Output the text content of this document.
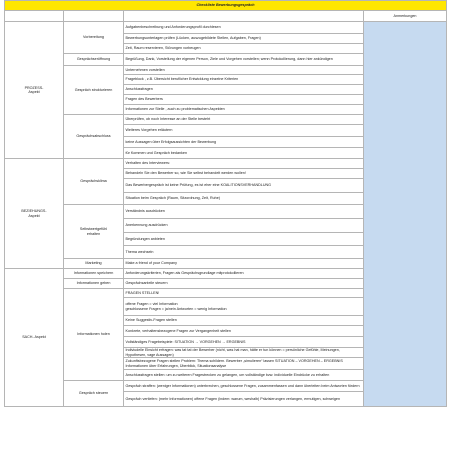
Checkliste Bewerbungsgespräch			
			Anmerkungen
PROZESS-
Aspekt	Vorbereitung	Aufgabenbeschreibung und Anforderungsprofil durchlesen	
		Bewerbungsunterlagen prüfen (Lücken, auszugebildete Stellen, Aufgaben, Fragen)	
		Zeit, Raum reservieren, Störungen vorbeugen	
	Gesprächseröffnung	Begrüßung, Dank, Vorstellung der eigenen Person, Ziele und Vorgehen vorstellen; wenn Protokollierung, dann hier ankündigen	
	Gespräch strukturieren	Unternehmen vorstellen	
		Frageblock , z.B. Übersicht beruflicher Entwicklung einzelne Kriterien	
		Anschlussfragen	
		Fragen des Bewerbers	
		Informationen zur Stelle , auch zu problematischen Aspekten	
	Gesprächsabschluss	Überprüfen, ob noch Interesse an der Stelle besteht	
		Weiteres Vorgehen erläutern	
		keine Aussagen über Erfolgsaussichten der Bewerbung	
		für Kommen und Gespräch bedanken	
BEZIEHUNGS-
Aspekt	Gesprächsklima	Verhalten des Interviewers:	
		Behandeln Sie den Bewerber so, wie Sie selbst behandelt werden wollen!	
		Das Bewerbergespräch ist keine Prüfung, es ist eher eine KOALITIONSVERHANDLUNG	
		Situation beim Gespräch (Raum, Sitzordnung, Zeit, Ruhe)	
	Selbstwertgefühl
erhalten	Verständnis ausdrücken	
		Anerkennung ausdrücken	
		Begründungen anbieten	
		Thema wechseln	
	Marketing	Make a friend of your Company	
SACH- Aspekt	Informationen speichern	Anforderungskriterien, Fragen als Gesprächsgrundlage mitprotokollieren	
	Informationen geben	Gesprächsanteile steuern	
	Informationen holen	FRAGEN STELLEN!	
		offene Fragen = viel Information
geschlossene Fragen = ja/nein Antworten = wenig Information	
		Keine Suggestiv-Fragen stellen	
		Konkrete, verhaltensbezogene Fragen zur Vergangenheit stellen	
		Vollständiges Fragebeispiele: SITUATION → VORGEHEN → ERGEBNIS	
		Indiviudelle Einsicht erfragen: was tat tat der Bewerber (nicht, was hat man, hätte er tun können = persönliche Gefühle, Meinungen, Hypothesen, vage Aussagen)	
		Zukunftsbezogene Fragen stellen Problem: Thema schildern. Bewerber „simulieren“ lassen SITUATION – VORGEHEN – ERGEBNIS Informationen über Erfahrungen, Überblick, Situationsanalyse	
		Anschlussfragen stellen: um zu weiteren Fragestrecken zu gelangen, um vollständige bzw. individuelle Eindrücke zu erhalten	
	Gespräch steuern	Gespräch straffen: (weniger Informationen) unterbrechen, geschlossene Fragen, zusammenfassen und dann überleiten beim Antworten fördern	
		Gespräch vertiefen: (mehr Informationen) offene Fragen (indem: warum, weshalb) Präzisierungen verlangen, ermutigen, schweigen	
